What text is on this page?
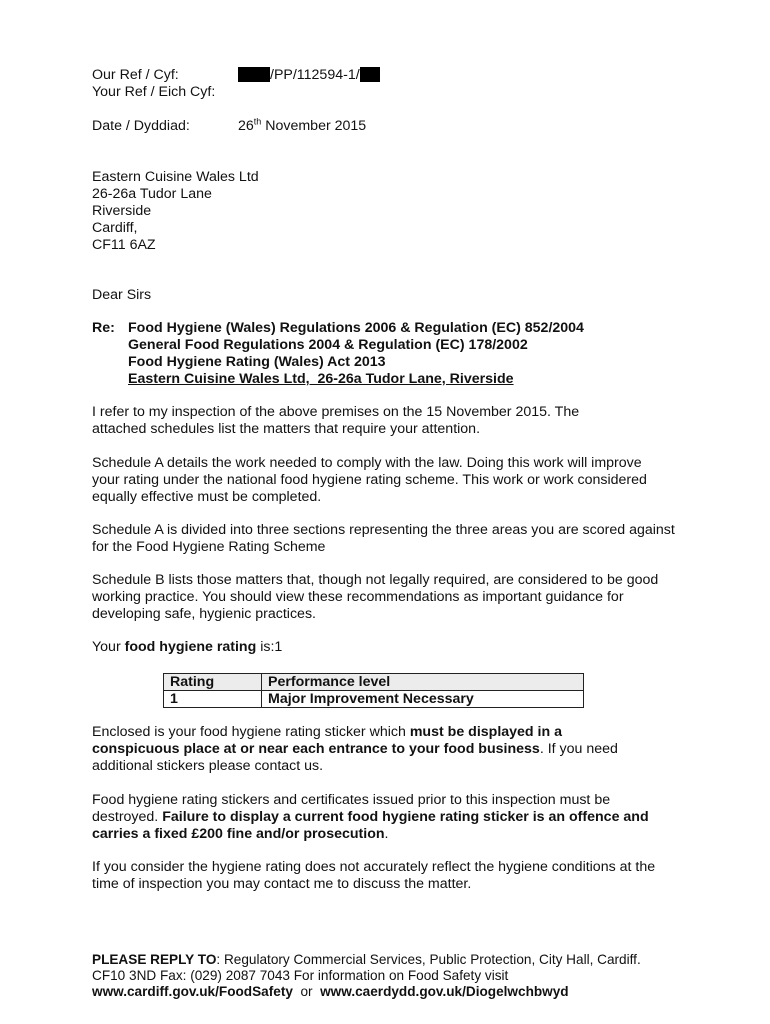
Our Ref / Cyf:	/PP/112594-1/
Your Ref / Eich Cyf:
Date / Dyddiad:	26th November 2015
Eastern Cuisine Wales Ltd
26-26a Tudor Lane
Riverside
Cardiff,
CF11 6AZ
Dear Sirs
Re: Food Hygiene (Wales) Regulations 2006 & Regulation (EC) 852/2004
General Food Regulations 2004 & Regulation (EC) 178/2002
Food Hygiene Rating (Wales) Act 2013
Eastern Cuisine Wales Ltd,  26-26a Tudor Lane, Riverside

I refer to my inspection of the above premises on the 15 November 2015. The attached schedules list the matters that require your attention.

Schedule A details the work needed to comply with the law. Doing this work will improve your rating under the national food hygiene rating scheme. This work or work considered equally effective must be completed.

Schedule A is divided into three sections representing the three areas you are scored against for the Food Hygiene Rating Scheme

Schedule B lists those matters that, though not legally required, are considered to be good working practice. You should view these recommendations as important guidance for developing safe, hygienic practices.

Your food hygiene rating is:1

Rating	Performance level
1	Major Improvement Necessary

Enclosed is your food hygiene rating sticker which must be displayed in a conspicuous place at or near each entrance to your food business. If you need additional stickers please contact us.

Food hygiene rating stickers and certificates issued prior to this inspection must be destroyed. Failure to display a current food hygiene rating sticker is an offence and carries a fixed £200 fine and/or prosecution.

If you consider the hygiene rating does not accurately reflect the hygiene conditions at the time of inspection you may contact me to discuss the matter.

PLEASE REPLY TO: Regulatory Commercial Services, Public Protection, City Hall, Cardiff.
CF10 3ND Fax: (029) 2087 7043 For information on Food Safety visit
www.cardiff.gov.uk/FoodSafety  or  www.caerdydd.gov.uk/Diogelwchbwyd
